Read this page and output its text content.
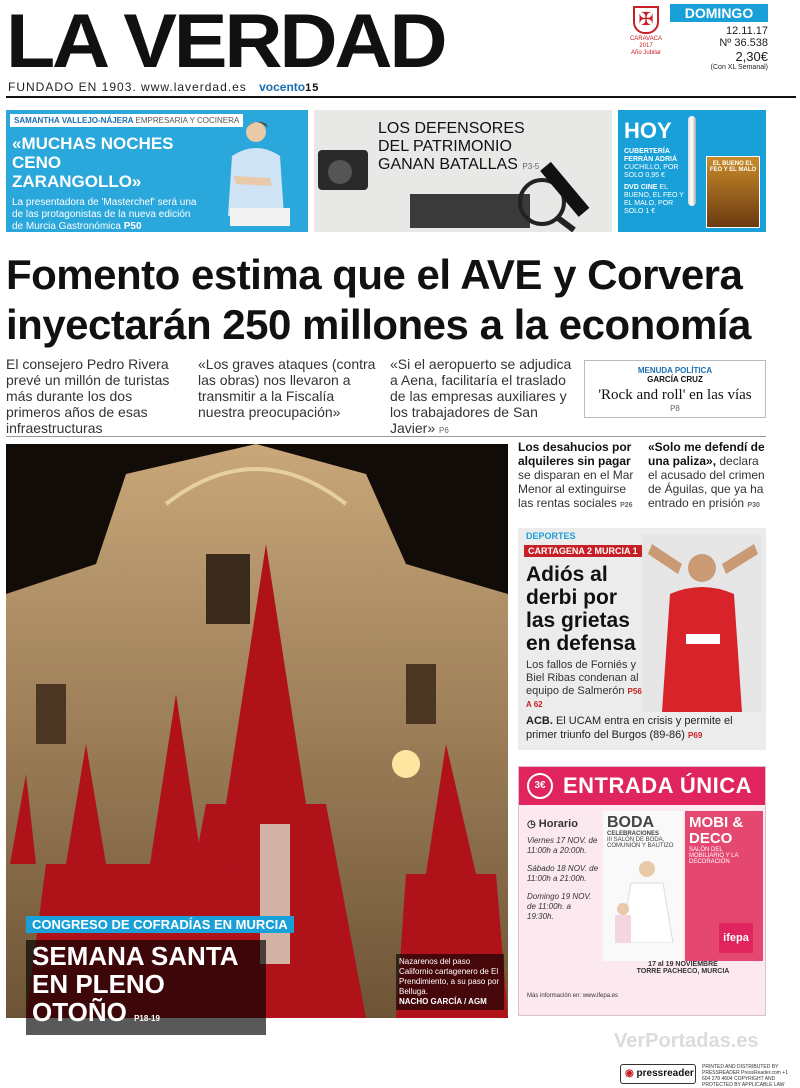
LA VERDAD
FUNDADO EN 1903. www.laverdad.es vocento15
✠
CARAVACA 2017
Año Jubilar
DOMINGO
12.11.17
Nº 36.538
2,30€
(Con XL Semanal)
SAMANTHA VALLEJO-NÁJERA EMPRESARIA Y COCINERA
«MUCHAS NOCHES CENO ZARANGOLLO»
La presentadora de 'Masterchef' será una de las protagonistas de la nueva edición de Murcia Gastronómica P50
LOS DEFENSORES
DEL PATRIMONIO
GANAN BATALLAS P3-5
HOY
CUBERTERÍA FERRÁN ADRIÁ
CUCHILLO, POR SOLO 0,95 €
DVD CINE EL BUENO, EL FEO Y EL MALO, POR SOLO 1 €
EL BUENO EL FEO Y EL MALO
Fomento estima que el AVE y Corvera
inyectarán 250 millones a la economía
El consejero Pedro Rivera prevé un millón de turistas más durante los dos primeros años de esas infraestructuras
«Los graves ataques (contra las obras) nos llevaron a transmitir a la Fiscalía nuestra preocupación»
«Si el aeropuerto se adjudica a Aena, facilitaría el traslado de las empresas auxiliares y los trabajadores de San Javier» P6
MENUDA POLÍTICA
GARCÍA CRUZ
'Rock and roll' en las vías
P8
CONGRESO DE COFRADÍAS EN MURCIA
SEMANA SANTA
EN PLENO OTOÑO P18-19
Nazarenos del paso Californio cartagenero de El Prendimiento, a su paso por Belluga.
NACHO GARCÍA / AGM
Los desahucios por alquileres sin pagar se disparan en el Mar Menor al extinguirse las rentas sociales P26
«Solo me defendí de una paliza», declara el acusado del crimen de Águilas, que ya ha entrado en prisión P30
DEPORTES
CARTAGENA 2 MURCIA 1
Adiós al derbi por las grietas en defensa
Los fallos de Forniés y Biel Ribas condenan al equipo de Salmerón P56 A 62
ACB. El UCAM entra en crisis y permite el primer triunfo del Burgos (89-86) P69
3€ ENTRADA ÚNICA
◷ Horario

Viernes 17 NOV. de 11:00h a 20:00h.

Sábado 18 NOV. de 11:00h a 21:00h.

Domingo 19 NOV. de 11:00h. a 19:30h.

BODA
CELEBRACIONES
III SALÓN DE BODA, COMUNIÓN Y BAUTIZO
MOBI & DECO
SALÓN DEL MOBILIARIO Y LA DECORACIÓN
ifepa
17 al 19 NOVIEMBRE
TORRE PACHECO, MURCIA
Más información en: www.ifepa.es
VerPortadas.es
◉ pressreader
PRINTED AND DISTRIBUTED BY PRESSREADER PressReader.com +1 604 278 4604 COPYRIGHT AND PROTECTED BY APPLICABLE LAW
